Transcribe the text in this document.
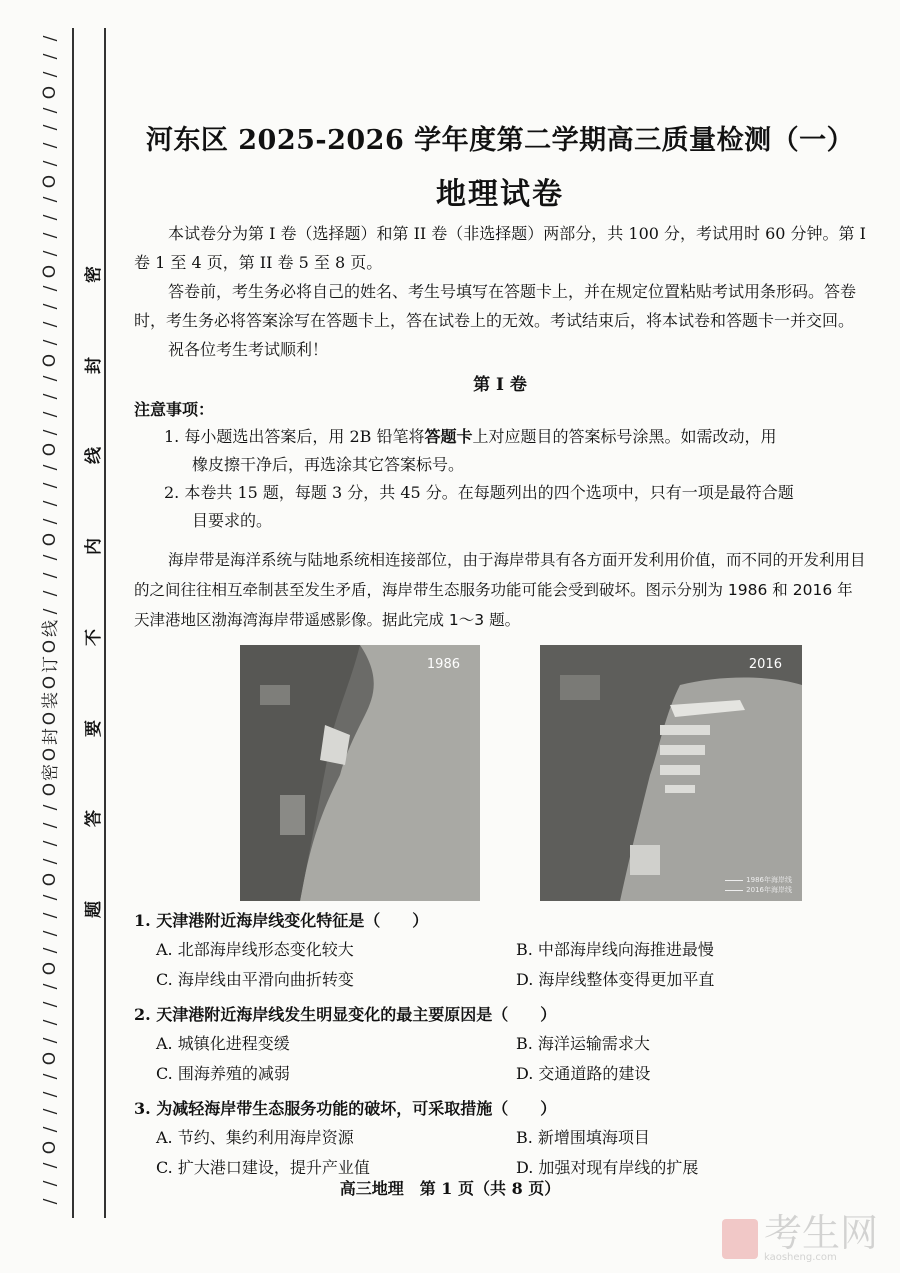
/
/
/
O
/
/
/
/
O
/
/
/
/
O
/
/
/
/
O
/
/
/
/
O
/
/
/
/
O
/
/
/
/
线
O
订
O
装
O
封
O
密
O
/
/
/
/
O
/
/
/
/
O
/
/
/
/
O
/
/
/
/
O
/
/
/
密
封
线
内
不
要
答
题
河东区 2025-2026 学年度第二学期高三质量检测（一）
地理试卷

本试卷分为第 I 卷（选择题）和第 II 卷（非选择题）两部分，共 100 分，考试用时 60 分钟。第 I 卷 1 至 4 页，第 II 卷 5 至 8 页。

答卷前，考生务必将自己的姓名、考生号填写在答题卡上，并在规定位置粘贴考试用条形码。答卷时，考生务必将答案涂写在答题卡上，答在试卷上的无效。考试结束后，将本试卷和答题卡一并交回。

祝各位考生考试顺利！

第 I 卷
注意事项：
1. 每小题选出答案后，用 2B 铅笔将答题卡上对应题目的答案标号涂黑。如需改动，用
橡皮擦干净后，再选涂其它答案标号。
2. 本卷共 15 题，每题 3 分，共 45 分。在每题列出的四个选项中，只有一项是最符合题
目要求的。

海岸带是海洋系统与陆地系统相连接部位，由于海岸带具有各方面开发利用价值，而不同的开发利用目的之间往往相互牵制甚至发生矛盾，海岸带生态服务功能可能会受到破坏。图示分别为 1986 和 2016 年天津港地区渤海湾海岸带遥感影像。据此完成 1～3 题。

1986	2016
1986年海岸线
2016年海岸线
1. 天津港附近海岸线变化特征是（　　）
A. 北部海岸线形态变化较大	B. 中部海岸线向海推进最慢
C. 海岸线由平滑向曲折转变	D. 海岸线整体变得更加平直
2. 天津港附近海岸线发生明显变化的最主要原因是（　　）
A. 城镇化进程变缓	B. 海洋运输需求大
C. 围海养殖的减弱	D. 交通道路的建设
3. 为减轻海岸带生态服务功能的破坏，可采取措施（　　）
A. 节约、集约利用海岸资源	B. 新增围填海项目
C. 扩大港口建设，提升产业值	D. 加强对现有岸线的扩展
高三地理　第 1 页（共 8 页）
考生网
kaosheng.com
